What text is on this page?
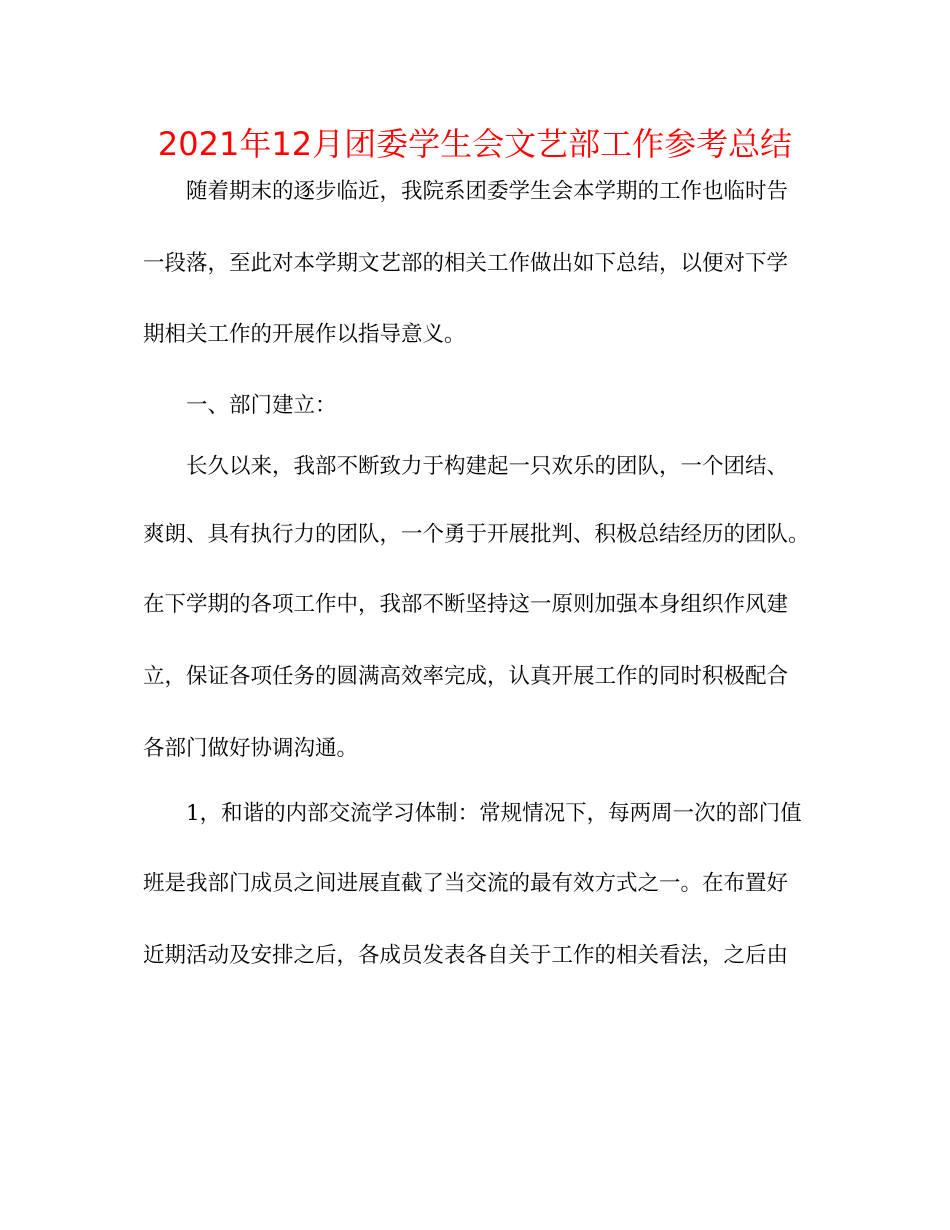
2021年12月团委学生会文艺部工作参考总结
随着期末的逐步临近，我院系团委学生会本学期的工作也临时告
一段落，至此对本学期文艺部的相关工作做出如下总结，以便对下学
期相关工作的开展作以指导意义。
一、部门建立：
长久以来，我部不断致力于构建起一只欢乐的团队，一个团结、
爽朗、具有执行力的团队，一个勇于开展批判、积极总结经历的团队。
在下学期的各项工作中，我部不断坚持这一原则加强本身组织作风建
立，保证各项任务的圆满高效率完成，认真开展工作的同时积极配合
各部门做好协调沟通。
1，和谐的内部交流学习体制：常规情况下，每两周一次的部门值
班是我部门成员之间进展直截了当交流的最有效方式之一。在布置好
近期活动及安排之后，各成员发表各自关于工作的相关看法，之后由
